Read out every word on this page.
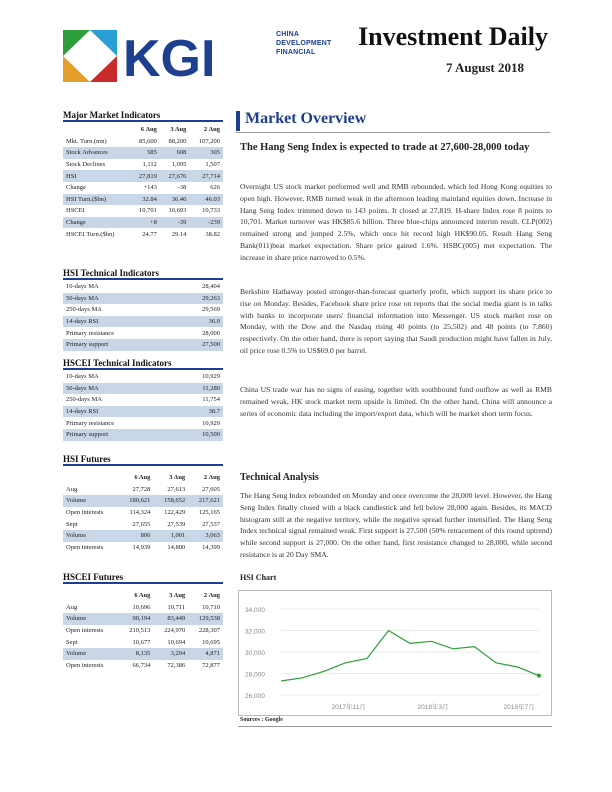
KGI	CHINA
DEVELOPMENT
FINANCIAL
Investment Daily
7 August 2018
Major Market Indicators
	6 Aug	3 Aug	2 Aug
Mkt. Turn.(mn)	85,600	88,200	107,200
Stock Advances	585	608	305
Stock Declines	1,112	1,095	1,507
HSI	27,819	27,676	27,714
Change	+143	-38	626
HSI Turn.($bn)	32.84	36.46	46.03
HSCEI	10,701	10,693	10,733
Change	+8	-39	-239
HSCEI Turn.($bn)	24.77	29.14	38.82
HSI Technical Indicators
10-days MA	28,404
50-days MA	29,263
250-days MA	29,569
14-days RSI	36.0
Primary resistance	28,000
Primary support	27,500
HSCEI Technical Indicators
10-days MA	10,929
50-days MA	11,280
250-days MA	11,754
14-days RSI	38.7
Primary resistance	10,929
Primary support	10,500
HSI Futures
	6 Aug	3 Aug	2 Aug
Aug	27,728	27,613	27,605
Volume	180,621	158,652	217,621
Open interests	114,324	122,429	125,165
Sept	27,655	27,539	27,537
Volume	806	1,001	3,063
Open interests	14,939	14,800	14,399
HSCEI Futures
	6 Aug	3 Aug	2 Aug
Aug	10,696	10,711	10,710
Volume	90,194	83,449	129,538
Open interests	210,513	224,970	228,307
Sept	10,677	10,694	10,695
Volume	8,135	3,294	4,871
Open interests	66,734	72,386	72,877
Market Overview
The Hang Seng Index is expected to trade at 27,600-28,000 today
Overnight US stock market performed well and RMB rebounded, which led Hong Kong equities to open high. However, RMB turned weak in the afternoon leading mainland equities down. Increase in Hang Seng Index trimmed down to 143 points. It closed at 27,819. H-share Index rose 8 points to 10,701. Market turnover was HK$85.6 billion. Three blue-chips announced interim result. CLP(002) remained strong and jumped 2.5%, which once hit record high HK$90.05. Result Hang Seng Bank(011)beat market expectation. Share price gained 1.6%. HSBC(005) met expectation. The increase in share price narrowed to 0.5%.
Berkshire Hathaway posted stronger-than-forecast quarterly profit, which support its share price to rise on Monday. Besides, Facebook share price rose on reports that the social media giant is in talks with banks to incorporate users' financial information into Messenger. US stock market rose on Monday, with the Dow and the Nasdaq rising 40 points (to 25,502) and 48 points (to 7,860) respectively. On the other hand, there is report saying that Saudi production might have fallen in July, oil price rose 0.5% to US$69.0 per barrel.
China US trade war has no signs of easing, together with southbound fund outflow as well as RMB remained weak, HK stock market term upside is limited. On the other hand, China will announce a series of economic data including the import/export data, which will be market short term focus.
Technical Analysis
The Hang Seng Index rebounded on Monday and once overcome the 28,000 level. However, the Hang Seng Index finally closed with a black candlestick and fell below 28,000 again. Besides, its MACD histogram still at the negative territory, while the negative spread further intensified. The Hang Seng Index technical signal remained weak. First support is 27,500 (50% retracement of this round uptrend) while second support is 27,000. On the other hand, first resistance changed to 28,000, while second resistance is at 20 Day SMA.
HSI Chart
34,000
32,000
30,000
28,000
26,000
2017年11月	2018年3月	2018年7月
Sources : Google
